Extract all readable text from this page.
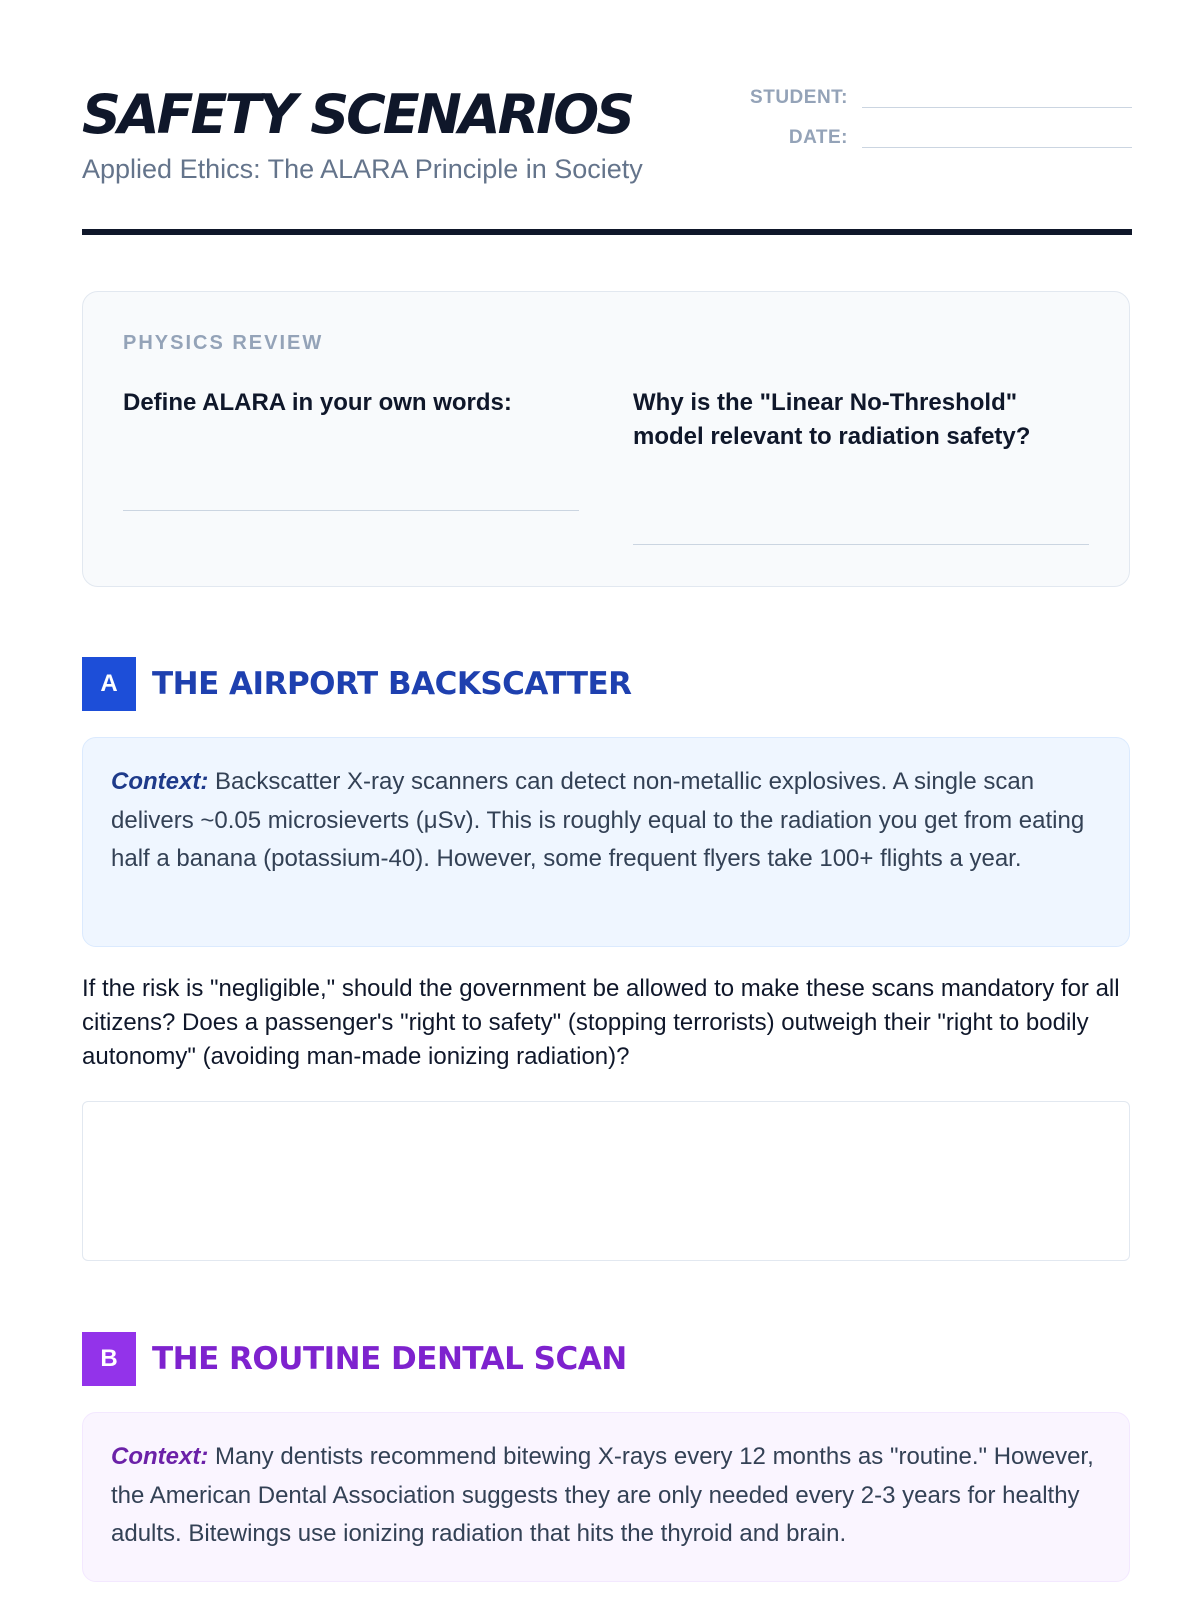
SAFETY SCENARIOS
Applied Ethics: The ALARA Principle in Society
STUDENT:
DATE:
PHYSICS REVIEW
Define ALARA in your own words:	Why is the "Linear No-Threshold" model relevant to radiation safety?
A	THE AIRPORT BACKSCATTER
Context: Backscatter X-ray scanners can detect non-metallic explosives. A single scan delivers ~0.05 microsieverts (μSv). This is roughly equal to the radiation you get from eating half a banana (potassium-40). However, some frequent flyers take 100+ flights a year.
If the risk is "negligible," should the government be allowed to make these scans mandatory for all citizens? Does a passenger's "right to safety" (stopping terrorists) outweigh their "right to bodily autonomy" (avoiding man-made ionizing radiation)?
B	THE ROUTINE DENTAL SCAN
Context: Many dentists recommend bitewing X-rays every 12 months as "routine." However, the American Dental Association suggests they are only needed every 2-3 years for healthy adults. Bitewings use ionizing radiation that hits the thyroid and brain.
